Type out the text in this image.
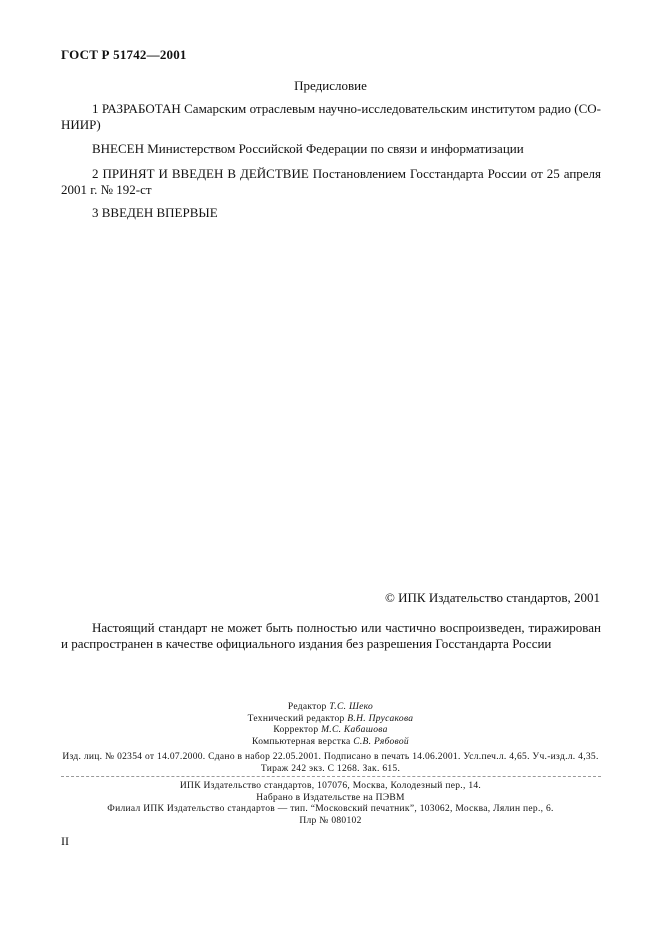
ГОСТ Р 51742—2001
Предисловие
1 РАЗРАБОТАН Самарским отраслевым научно-исследовательским институтом радио (СО-НИИР)
ВНЕСЕН Министерством Российской Федерации по связи и информатизации
2 ПРИНЯТ И ВВЕДЕН В ДЕЙСТВИЕ Постановлением Госстандарта России от 25 апреля 2001 г. № 192-ст
3 ВВЕДЕН ВПЕРВЫЕ
© ИПК Издательство стандартов, 2001
Настоящий стандарт не может быть полностью или частично воспроизведен, тиражирован и распространен в качестве официального издания без разрешения Госстандарта России
Редактор Т.С. Шеко
Технический редактор В.Н. Прусакова
Корректор М.С. Кабашова
Компьютерная верстка С.В. Рябовой
Изд. лиц. № 02354 от 14.07.2000. Сдано в набор 22.05.2001. Подписано в печать 14.06.2001. Усл.печ.л. 4,65. Уч.-изд.л. 4,35.
Тираж 242 экз. С 1268. Зак. 615.
ИПК Издательство стандартов, 107076, Москва, Колодезный пер., 14.
Набрано в Издательстве на ПЭВМ
Филиал ИПК Издательство стандартов — тип. “Московский печатник”, 103062, Москва, Лялин пер., 6.
Плр № 080102
II
